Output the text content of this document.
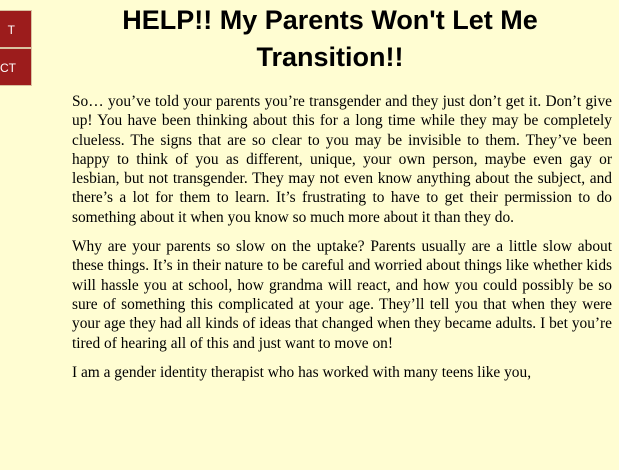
T
CT
HELP!! My Parents Won't Let Me Transition!!

So… you’ve told your parents you’re transgender and they just don’t get it. Don’t give up! You have been thinking about this for a long time while they may be completely clueless. The signs that are so clear to you may be invisible to them. They’ve been happy to think of you as different, unique, your own person, maybe even gay or lesbian, but not transgender. They may not even know anything about the subject, and there’s a lot for them to learn. It’s frustrating to have to get their permission to do something about it when you know so much more about it than they do.

Why are your parents so slow on the uptake? Parents usually are a little slow about these things. It’s in their nature to be careful and worried about things like whether kids will hassle you at school, how grandma will react, and how you could possibly be so sure of something this complicated at your age. They’ll tell you that when they were your age they had all kinds of ideas that changed when they became adults. I bet you’re tired of hearing all of this and just want to move on!

I am a gender identity therapist who has worked with many teens like you,
